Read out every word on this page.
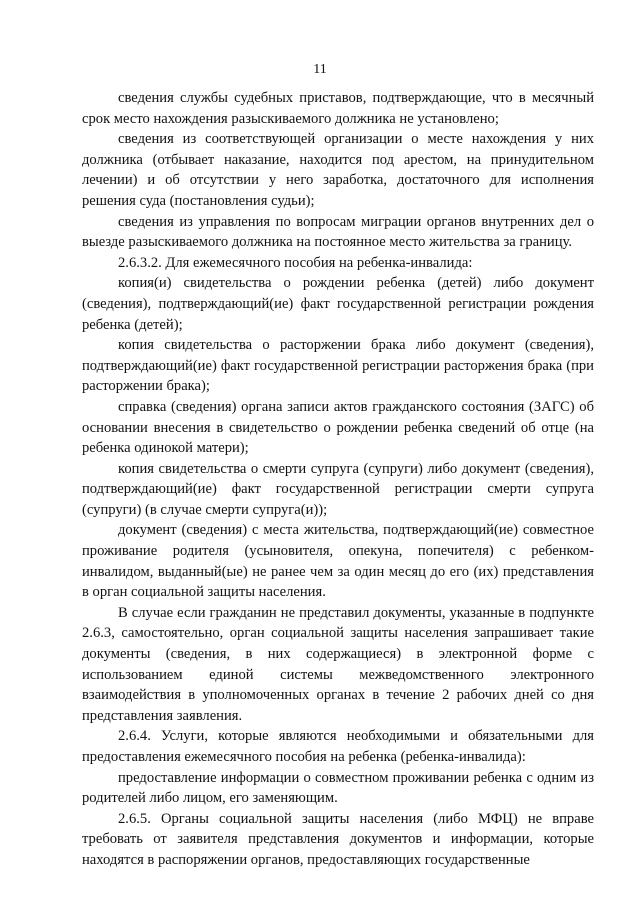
11

сведения службы судебных приставов, подтверждающие, что в месячный срок место нахождения разыскиваемого должника не установлено;

сведения из соответствующей организации о месте нахождения у них должника (отбывает наказание, находится под арестом, на принудительном лечении) и об отсутствии у него заработка, достаточного для исполнения решения суда (постановления судьи);

сведения из управления по вопросам миграции органов внутренних дел о выезде разыскиваемого должника на постоянное место жительства за границу.

2.6.3.2. Для ежемесячного пособия на ребенка-инвалида:

копия(и) свидетельства о рождении ребенка (детей) либо документ (сведения), подтверждающий(ие) факт государственной регистрации рождения ребенка (детей);

копия свидетельства о расторжении брака либо документ (сведения), подтверждающий(ие) факт государственной регистрации расторжения брака (при расторжении брака);

справка (сведения) органа записи актов гражданского состояния (ЗАГС) об основании внесения в свидетельство о рождении ребенка сведений об отце (на ребенка одинокой матери);

копия свидетельства о смерти супруга (супруги) либо документ (сведения), подтверждающий(ие) факт государственной регистрации смерти супруга (супруги) (в случае смерти супруга(и));

документ (сведения) с места жительства, подтверждающий(ие) совместное проживание родителя (усыновителя, опекуна, попечителя) с ребенком-инвалидом, выданный(ые) не ранее чем за один месяц до его (их) представления в орган социальной защиты населения.

В случае если гражданин не представил документы, указанные в подпункте 2.6.3, самостоятельно, орган социальной защиты населения запрашивает такие документы (сведения, в них содержащиеся) в электронной форме с использованием единой системы межведомственного электронного взаимодействия в уполномоченных органах в течение 2 рабочих дней со дня представления заявления.

2.6.4. Услуги, которые являются необходимыми и обязательными для предоставления ежемесячного пособия на ребенка (ребенка-инвалида):

предоставление информации о совместном проживании ребенка с одним из родителей либо лицом, его заменяющим.

2.6.5. Органы социальной защиты населения (либо МФЦ) не вправе требовать от заявителя представления документов и информации, которые находятся в распоряжении органов, предоставляющих государственные
